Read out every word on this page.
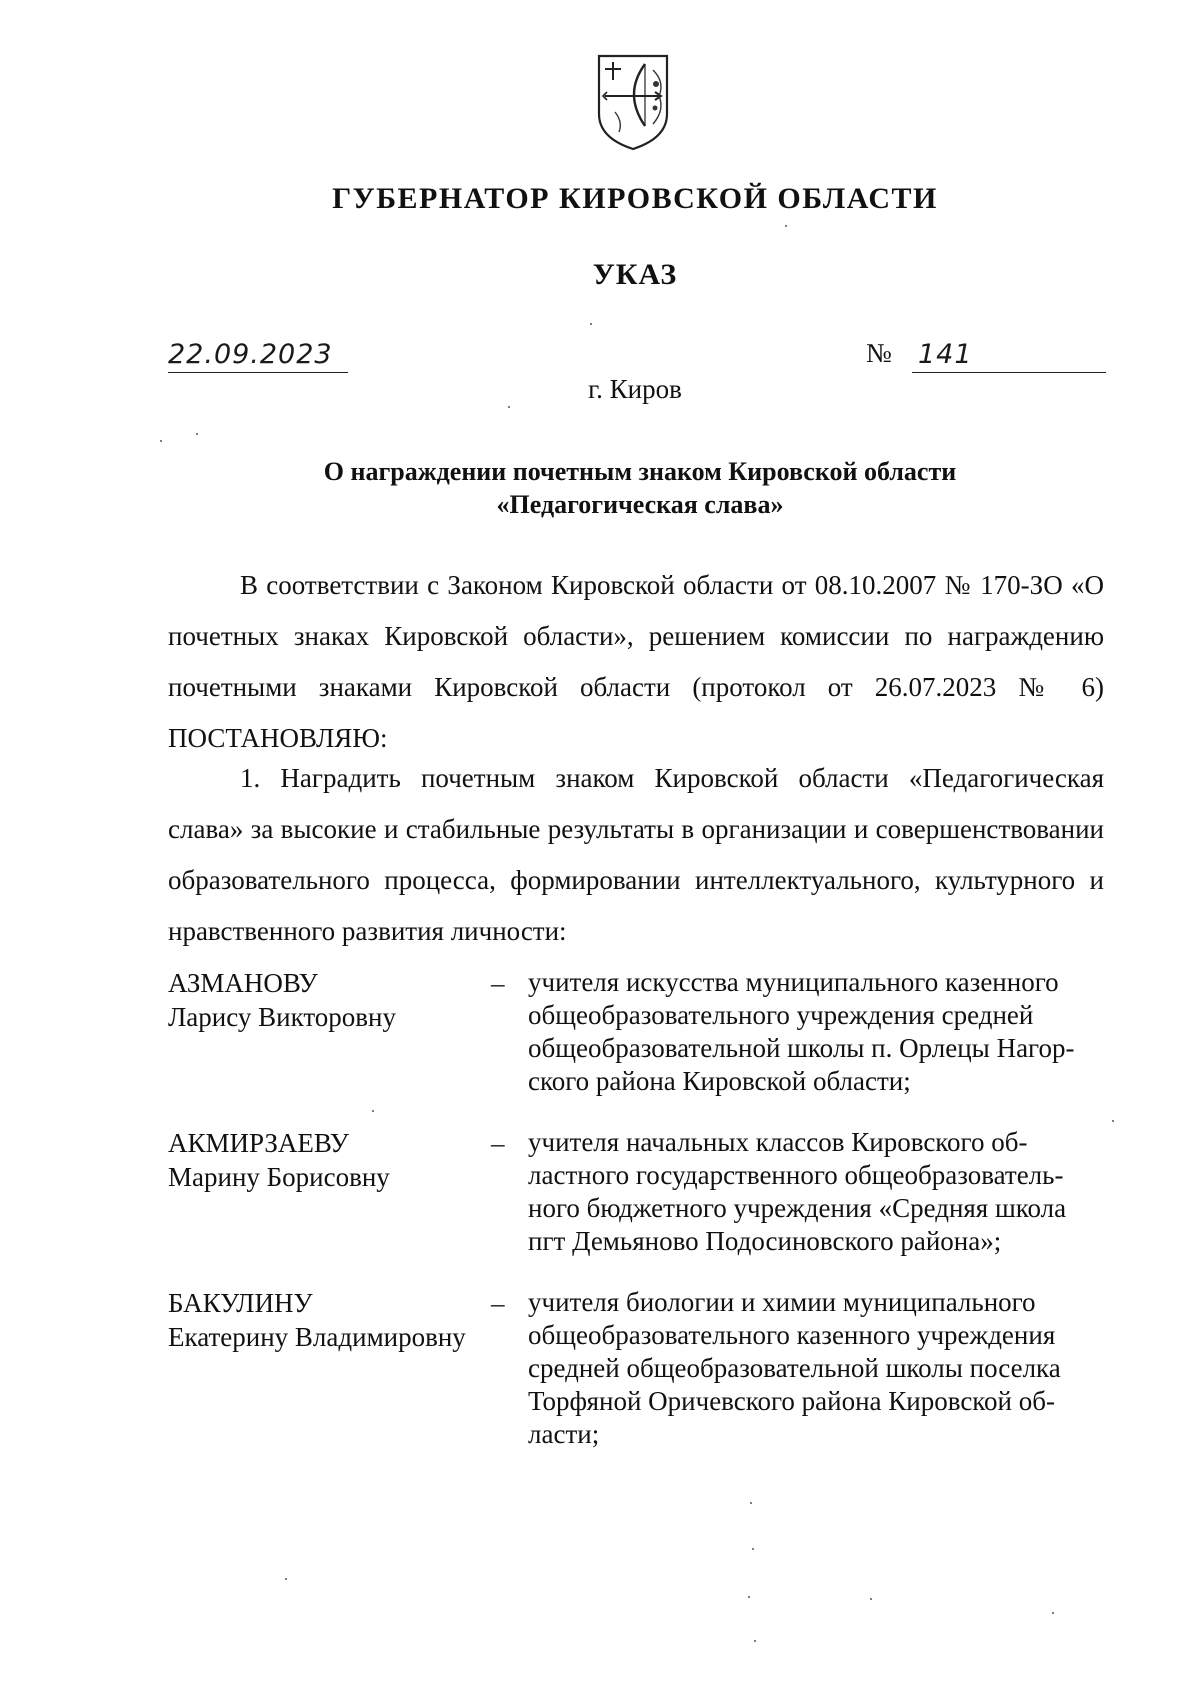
ГУБЕРНАТОР КИРОВСКОЙ ОБЛАСТИ
УКАЗ
22.09.2023	№ 141
г. Киров
О награждении почетным знаком Кировской области
«Педагогическая слава»
В соответствии с Законом Кировской области от 08.10.2007 № 170-ЗО «О почетных знаках Кировской области», решением комиссии по награждению почетными знаками Кировской области (протокол от 26.07.2023 № 6) ПОСТАНОВЛЯЮ:
1. Наградить почетным знаком Кировской области «Педагогическая слава» за высокие и стабильные результаты в организации и совершенствовании образовательного процесса, формировании интеллектуального, культурного и нравственного развития личности:
АЗМАНОВУ
Ларису Викторовну
– учителя искусства муниципального казенного
общеобразовательного учреждения средней
общеобразовательной школы п. Орлецы Нагор-
ского района Кировской области;
АКМИРЗАЕВУ
Марину Борисовну
– учителя начальных классов Кировского об-
ластного государственного общеобразователь-
ного бюджетного учреждения «Средняя школа
пгт Демьяново Подосиновского района»;
БАКУЛИНУ
Екатерину Владимировну
– учителя биологии и химии муниципального
общеобразовательного казенного учреждения
средней общеобразовательной школы поселка
Торфяной Оричевского района Кировской об-
ласти;
